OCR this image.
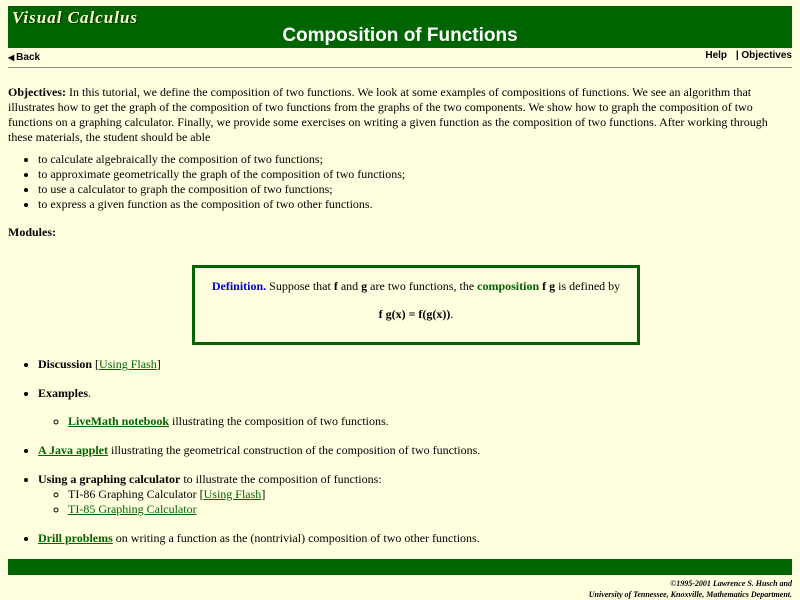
Visual Calculus
Composition of Functions
◀ Back	Help | Objectives

Objectives: In this tutorial, we define the composition of two functions. We look at some examples of compositions of functions. We see an algorithm that illustrates how to get the graph of the composition of two functions from the graphs of the two components. We show how to graph the composition of two functions on a graphing calculator. Finally, we provide some exercises on writing a given function as the composition of two functions. After working through these materials, the student should be able

• to calculate algebraically the composition of two functions;
• to approximate geometrically the graph of the composition of two functions;
• to use a calculator to graph the composition of two functions;
• to express a given function as the composition of two other functions.
Modules:
Definition. Suppose that f and g are two functions, the composition f g is defined by
f g(x) = f(g(x)).
• Discussion [Using Flash]
• Examples.
◦ LiveMath notebook illustrating the composition of two functions.
• A Java applet illustrating the geometrical construction of the composition of two functions.
• Using a graphing calculator to illustrate the composition of functions:
◦ TI-86 Graphing Calculator [Using Flash]
◦ TI-85 Graphing Calculator
• Drill problems on writing a function as the (nontrivial) composition of two other functions.
©1995-2001 Lawrence S. Husch and
University of Tennessee, Knoxville, Mathematics Department.
